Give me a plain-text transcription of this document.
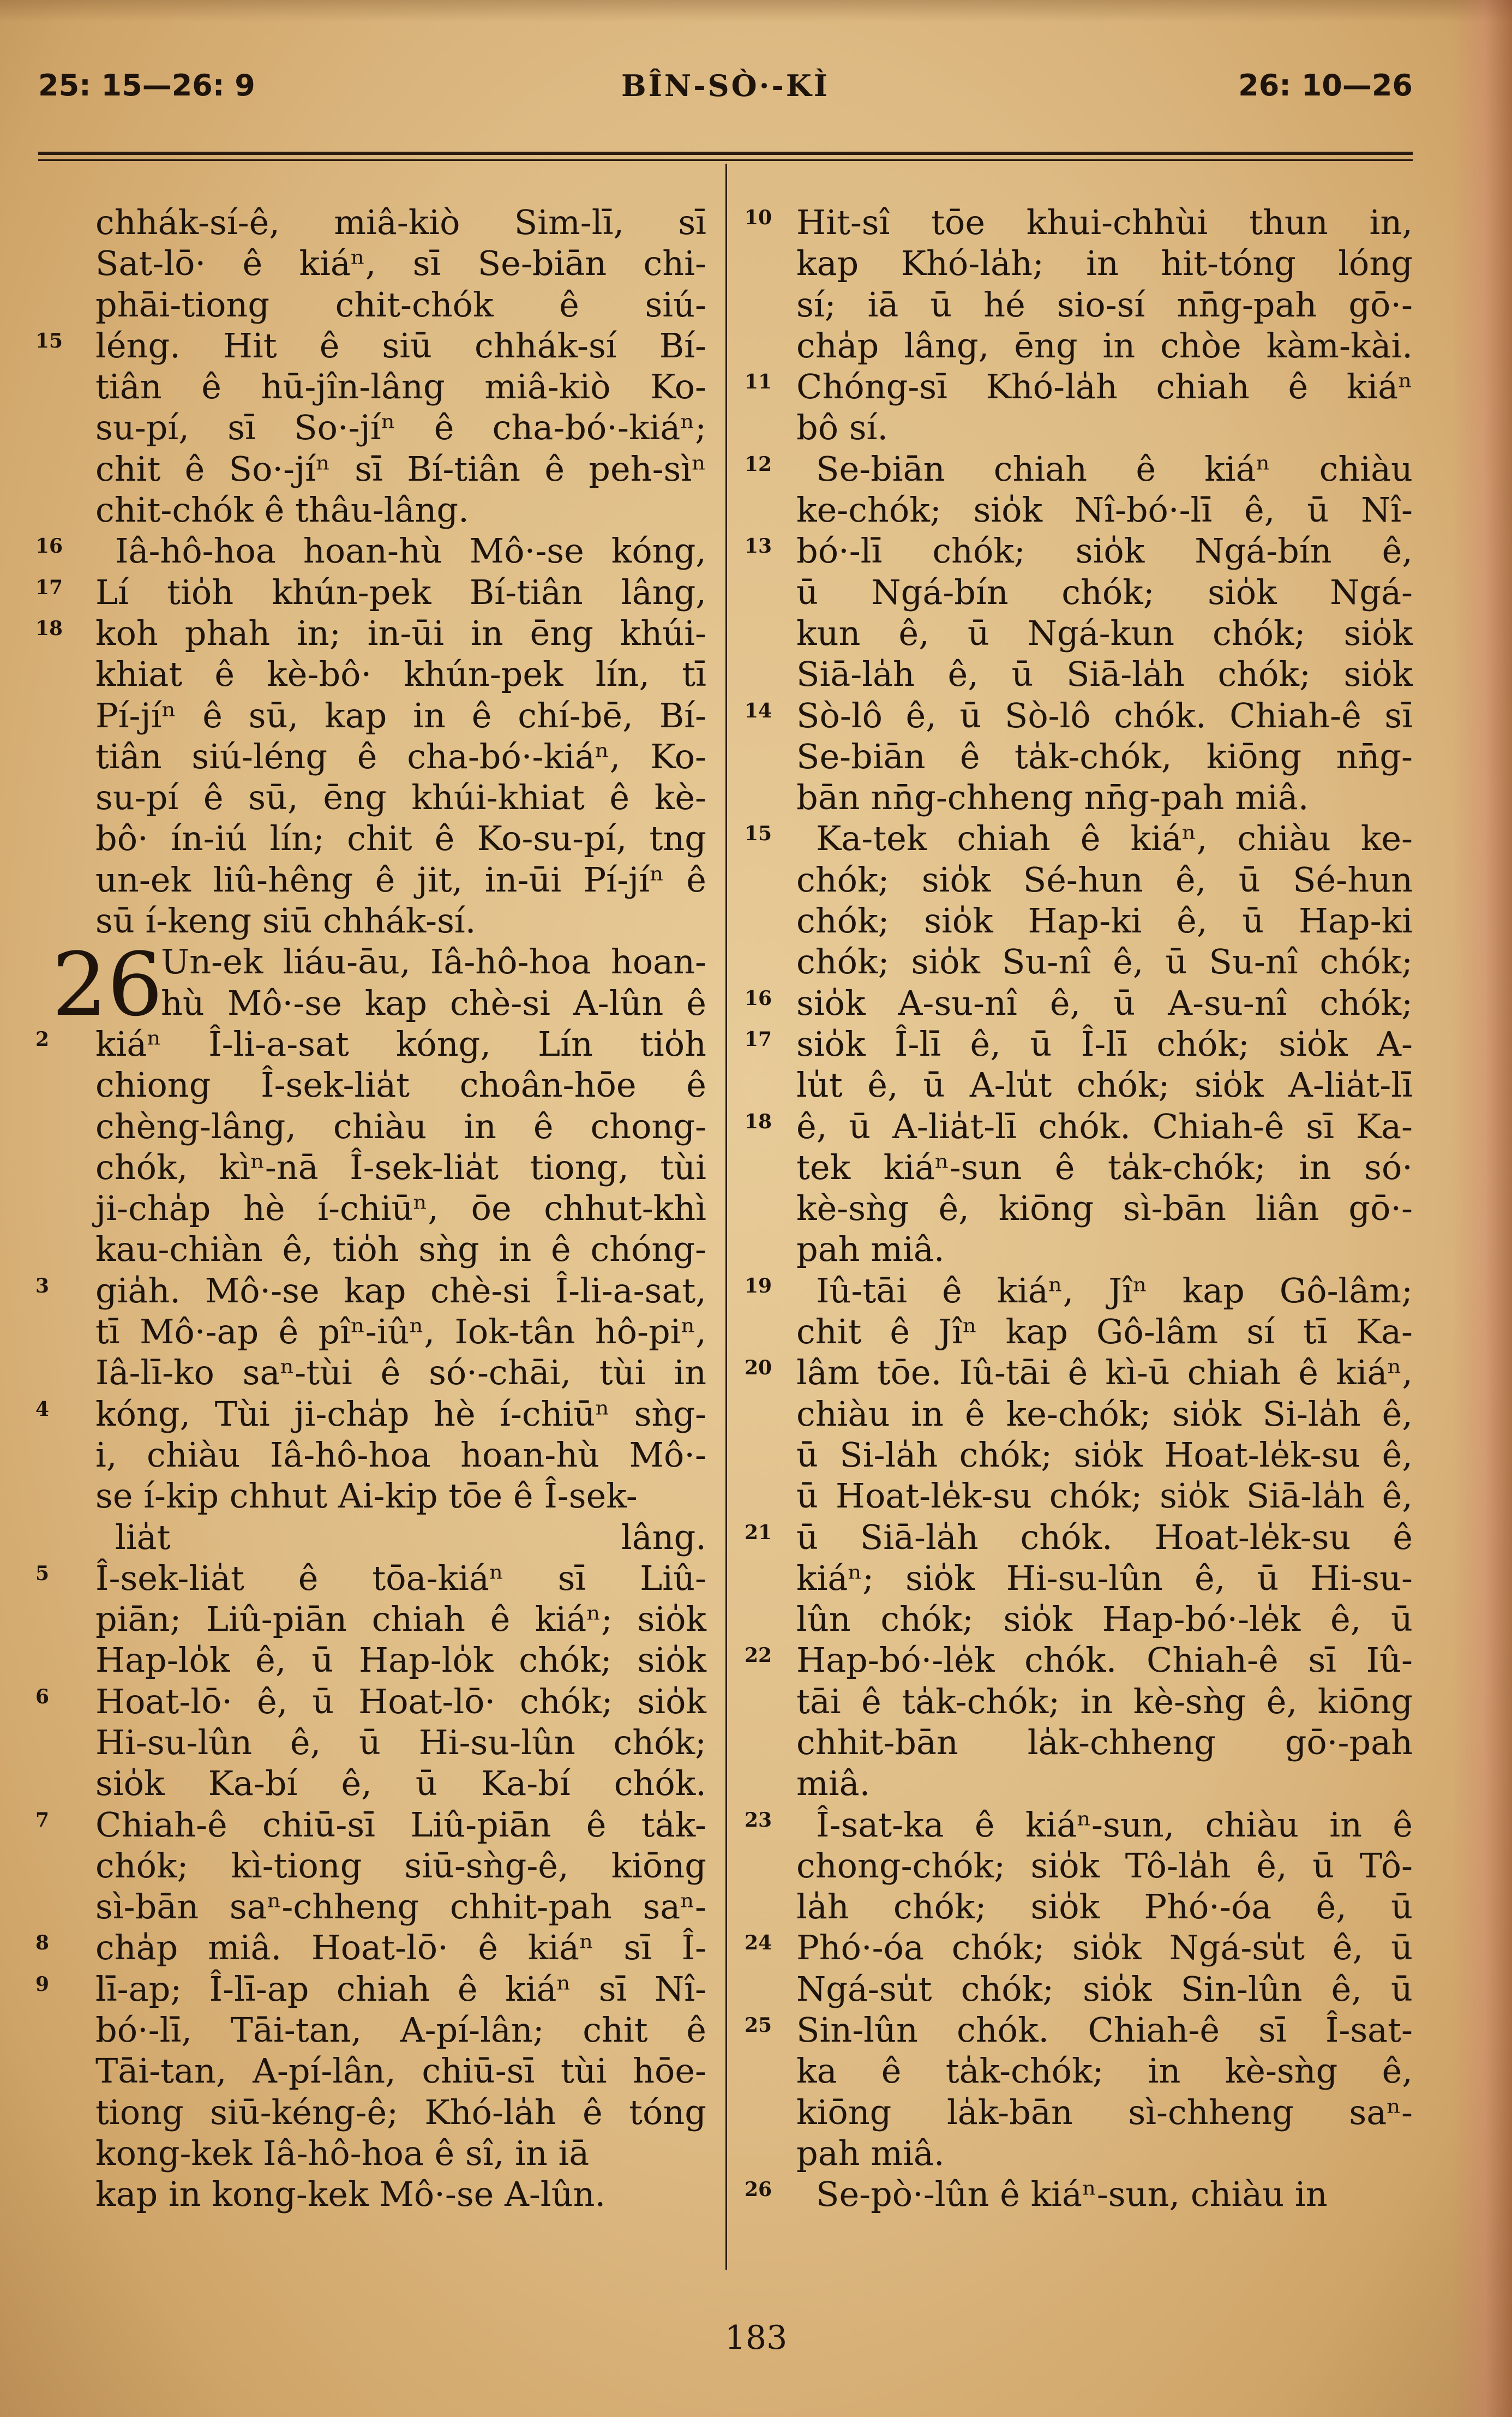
25: 15—26: 9	BÎN-SÒ·-KÌ	26: 10—26
chhák-sí-ê, miâ-kiò Sim-lī, sī
Sat-lō· ê kiáⁿ, sī Se-biān chi-
phāi-tiong chit-chók ê siú-
15 léng. Hit ê siū chhák-sí Bí-
tiân ê hū-jîn-lâng miâ-kiò Ko-
su-pí, sī So·-jíⁿ ê cha-bó·-kiáⁿ;
chit ê So·-jíⁿ sī Bí-tiân ê peh-sìⁿ
chit-chók ê thâu-lâng.
16	Iâ-hô-hoa hoan-hù Mô·-se kóng,
17 Lí tio̍h khún-pek Bí-tiân lâng,
18 koh phah in; in-ūi in ēng khúi-
khiat ê kè-bô· khún-pek lín, tī
Pí-jíⁿ ê sū, kap in ê chí-bē, Bí-
tiân siú-léng ê cha-bó·-kiáⁿ, Ko-
su-pí ê sū, ēng khúi-khiat ê kè-
bô· ín-iú lín; chit ê Ko-su-pí, tng
un-ek liû-hêng ê jit, in-ūi Pí-jíⁿ ê
sū í-keng siū chhák-sí.
26
Un-ek liáu-āu, Iâ-hô-hoa hoan-
hù Mô·-se kap chè-si A-lûn ê
2	kiáⁿ Î-li-a-sat kóng, Lín tio̍h
chiong Î-sek-lia̍t choân-hōe ê
chèng-lâng, chiàu in ê chong-
chók, kìⁿ-nā Î-sek-lia̍t tiong, tùi
ji-cha̍p hè í-chiūⁿ, ōe chhut-khì
kau-chiàn ê, tio̍h sǹg in ê chóng-
3	gia̍h. Mô·-se kap chè-si Î-li-a-sat,
tī Mô·-ap ê pîⁿ-iûⁿ, Iok-tân hô-piⁿ,
Iâ-lī-ko saⁿ-tùi ê só·-chāi, tùi in
4	kóng, Tùi ji-cha̍p hè í-chiūⁿ sǹg-
i, chiàu Iâ-hô-hoa hoan-hù Mô·-
se í-kip chhut Ai-kip tōe ê Î-sek-
lia̍t lâng.
5	Î-sek-lia̍t ê tōa-kiáⁿ sī Liû-
piān; Liû-piān chiah ê kiáⁿ; sio̍k
Hap-lo̍k ê, ū Hap-lo̍k chók; sio̍k
6	Hoat-lō· ê, ū Hoat-lō· chók; sio̍k
Hi-su-lûn ê, ū Hi-su-lûn chók;
sio̍k Ka-bí ê, ū Ka-bí chók.
7	Chiah-ê chiū-sī Liû-piān ê ta̍k-
chók; kì-tiong siū-sǹg-ê, kiōng
sì-bān saⁿ-chheng chhit-pah saⁿ-
8	cha̍p miâ. Hoat-lō· ê kiáⁿ sī Î-
9	lī-ap; Î-lī-ap chiah ê kiáⁿ sī Nî-
bó·-lī, Tāi-tan, A-pí-lân; chit ê
Tāi-tan, A-pí-lân, chiū-sī tùi hōe-
tiong siū-kéng-ê; Khó-la̍h ê tóng
kong-kek Iâ-hô-hoa ê sî, in iā
kap in kong-kek Mô·-se A-lûn.
10 Hit-sî tōe khui-chhùi thun in,
kap Khó-la̍h; in hit-tóng lóng
sí; iā ū hé sio-sí nn̄g-pah gō·-
cha̍p lâng, ēng in chòe kàm-kài.
11 Chóng-sī Khó-la̍h chiah ê kiáⁿ
bô sí.
12	Se-biān chiah ê kiáⁿ chiàu
ke-chók; sio̍k Nî-bó·-lī ê, ū Nî-
13 bó·-lī chók; sio̍k Ngá-bín ê,
ū Ngá-bín chók; sio̍k Ngá-
kun ê, ū Ngá-kun chók; sio̍k
Siā-la̍h ê, ū Siā-la̍h chók; sio̍k
14 Sò-lô ê, ū Sò-lô chók. Chiah-ê sī
Se-biān ê ta̍k-chók, kiōng nn̄g-
bān nn̄g-chheng nn̄g-pah miâ.
15	Ka-tek chiah ê kiáⁿ, chiàu ke-
chók; sio̍k Sé-hun ê, ū Sé-hun
chók; sio̍k Hap-ki ê, ū Hap-ki
chók; sio̍k Su-nî ê, ū Su-nî chók;
16 sio̍k A-su-nî ê, ū A-su-nî chók;
17 sio̍k Î-lī ê, ū Î-lī chók; sio̍k A-
lu̍t ê, ū A-lu̍t chók; sio̍k A-lia̍t-lī
18 ê, ū A-lia̍t-lī chók. Chiah-ê sī Ka-
tek kiáⁿ-sun ê ta̍k-chók; in só·
kè-sǹg ê, kiōng sì-bān liân gō·-
pah miâ.
19	Iû-tāi ê kiáⁿ, Jîⁿ kap Gô-lâm;
chit ê Jîⁿ kap Gô-lâm sí tī Ka-
20 lâm tōe. Iû-tāi ê kì-ū chiah ê kiáⁿ,
chiàu in ê ke-chók; sio̍k Si-la̍h ê,
ū Si-la̍h chók; sio̍k Hoat-le̍k-su ê,
ū Hoat-le̍k-su chók; sio̍k Siā-la̍h ê,
21 ū Siā-la̍h chók. Hoat-le̍k-su ê
kiáⁿ; sio̍k Hi-su-lûn ê, ū Hi-su-
lûn chók; sio̍k Hap-bó·-le̍k ê, ū
22 Hap-bó·-le̍k chók. Chiah-ê sī Iû-
tāi ê ta̍k-chók; in kè-sǹg ê, kiōng
chhit-bān la̍k-chheng gō·-pah
miâ.
23	Î-sat-ka ê kiáⁿ-sun, chiàu in ê
chong-chók; sio̍k Tô-la̍h ê, ū Tô-
la̍h chók; sio̍k Phó·-óa ê, ū
24 Phó·-óa chók; sio̍k Ngá-su̍t ê, ū
Ngá-su̍t chók; sio̍k Sin-lûn ê, ū
25 Sin-lûn chók. Chiah-ê sī Î-sat-
ka ê ta̍k-chók; in kè-sǹg ê,
kiōng la̍k-bān sì-chheng saⁿ-
pah miâ.
26	Se-pò·-lûn ê kiáⁿ-sun, chiàu in
183
